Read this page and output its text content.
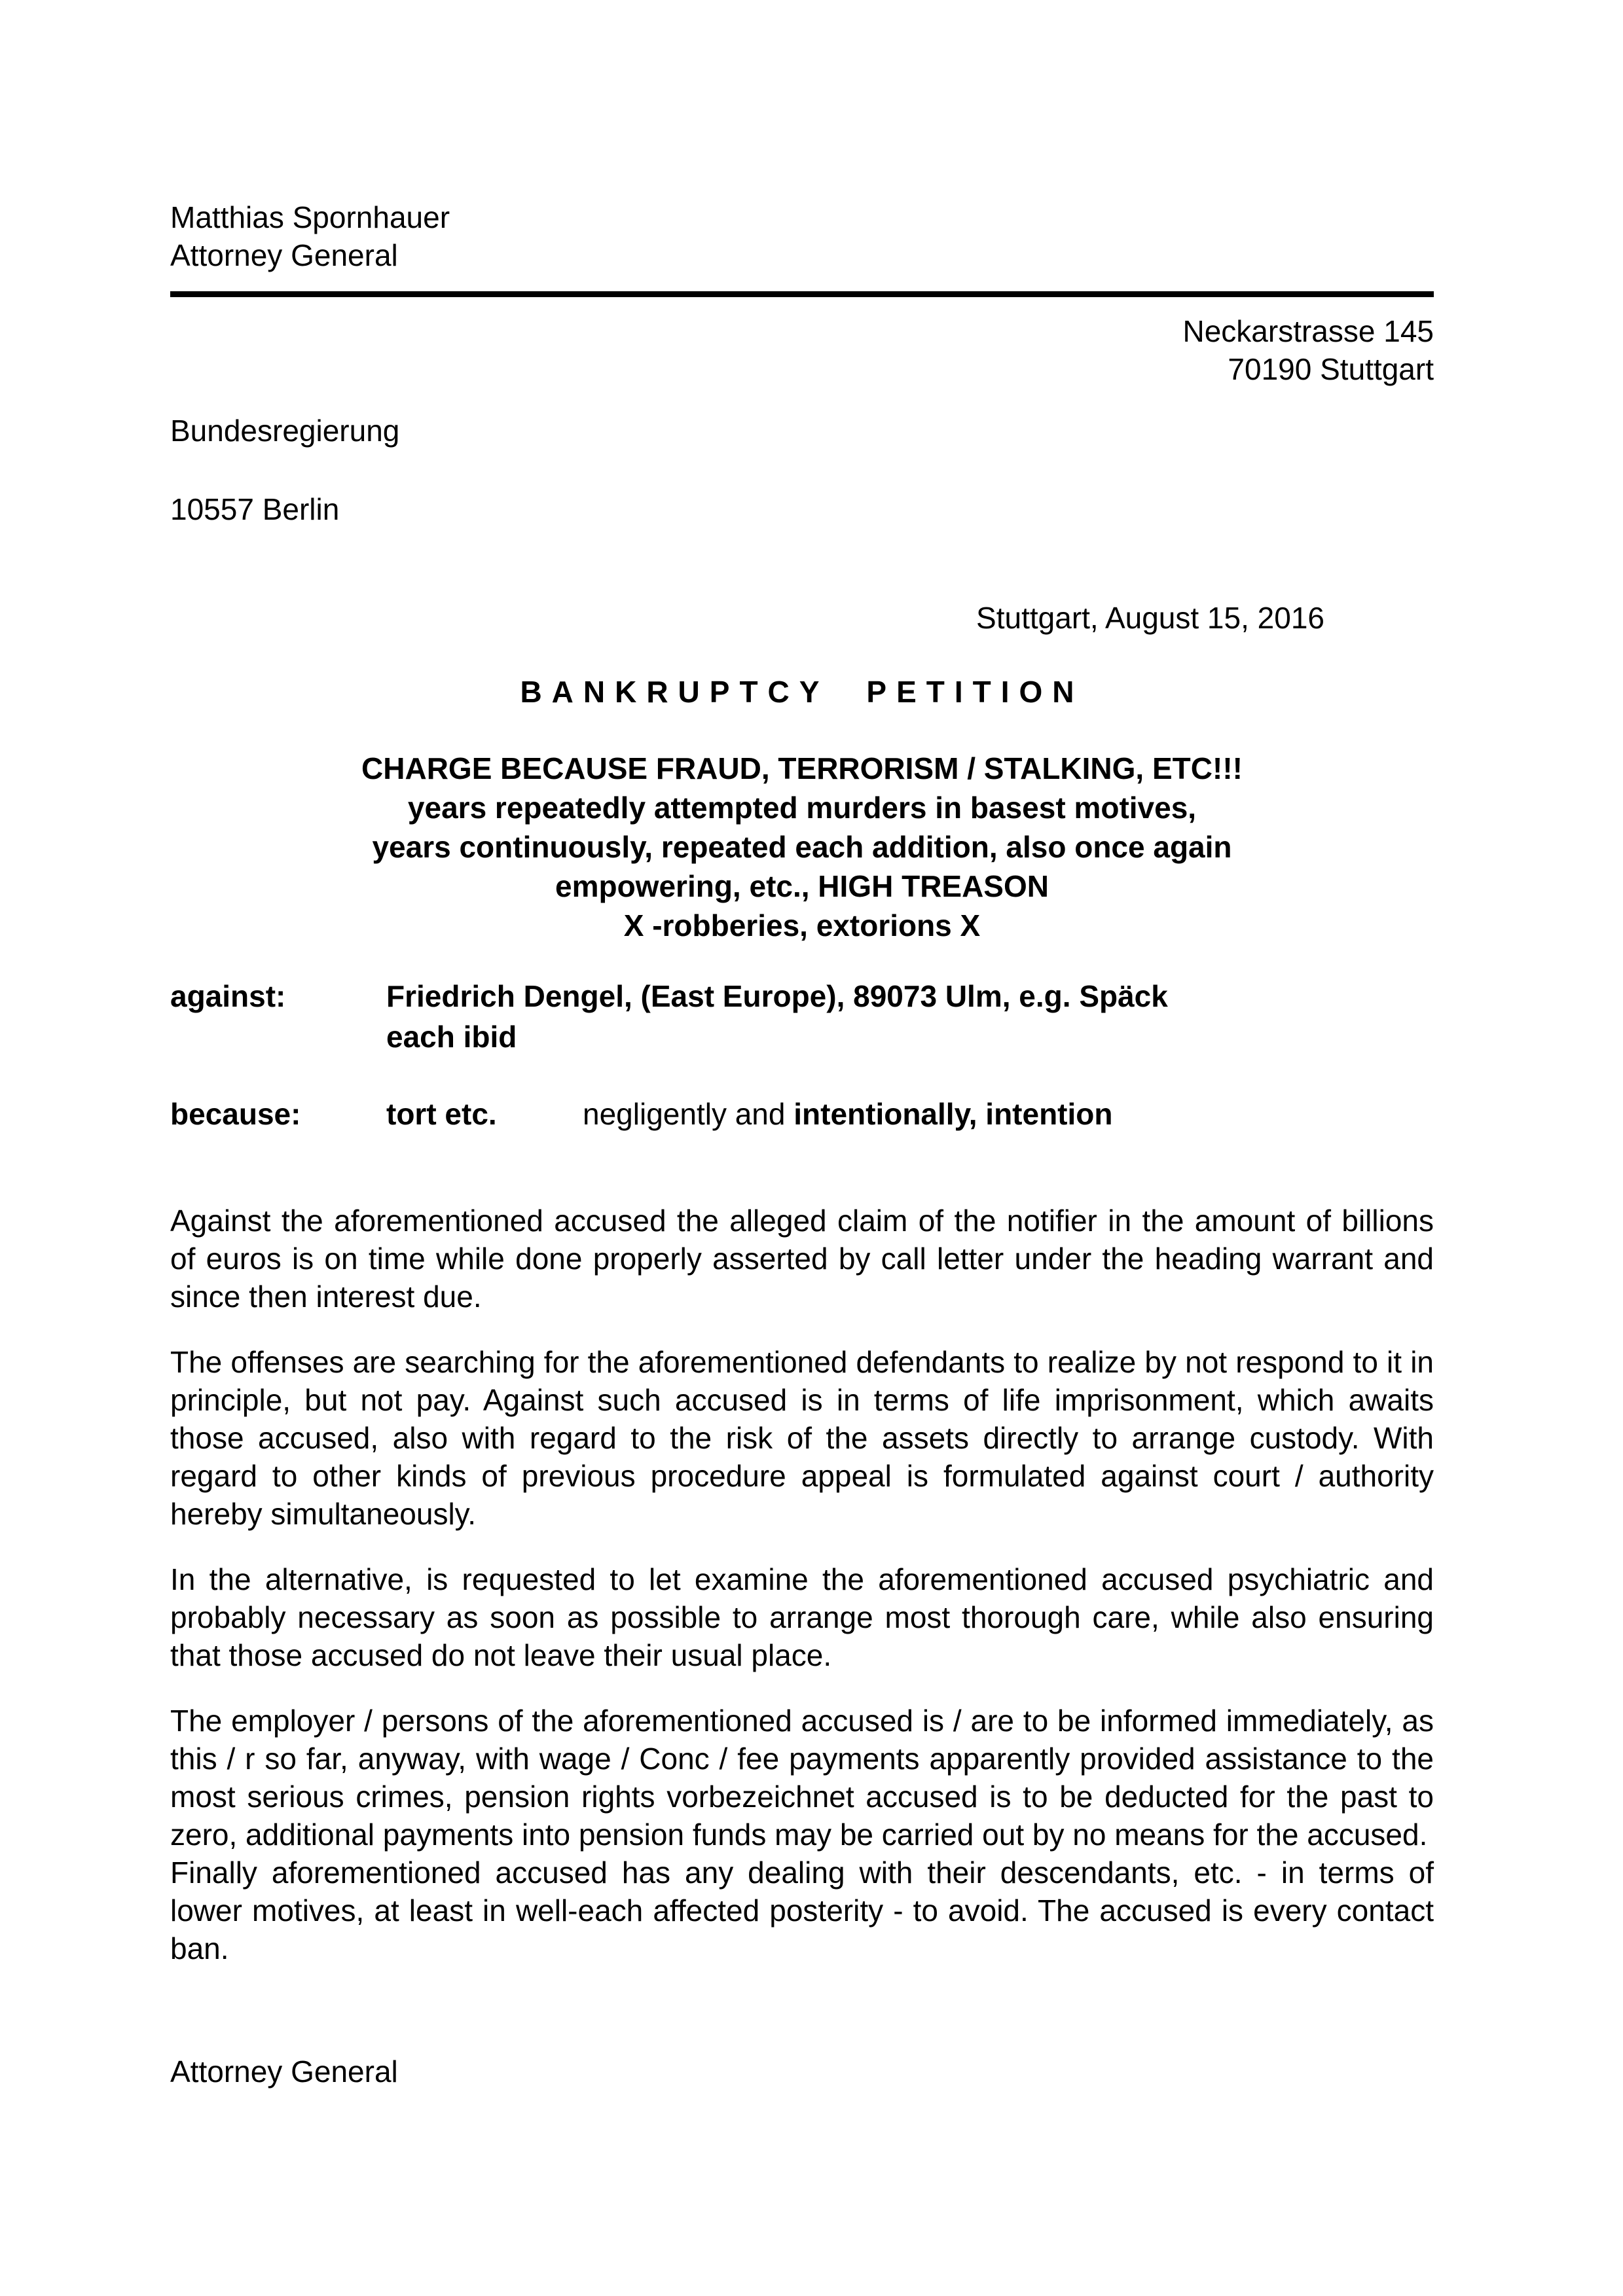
Matthias Spornhauer
Attorney General
Neckarstrasse 145
70190 Stuttgart
Bundesregierung
10557 Berlin
Stuttgart, August 15, 2016
BANKRUPTCY PETITION
CHARGE BECAUSE FRAUD, TERRORISM / STALKING, ETC!!!
years repeatedly attempted murders in basest motives,
years continuously, repeated each addition, also once again
empowering, etc., HIGH TREASON
X -robberies, extorions X
against:	Friedrich Dengel, (East Europe), 89073 Ulm, e.g. Späck
each ibid
because:	tort etc.	negligently and intentionally, intention

Against the aforementioned accused the alleged claim of the notifier in the amount of billions of euros is on time while done properly asserted by call letter under the heading warrant and since then interest due.

The offenses are searching for the aforementioned defendants to realize by not respond to it in principle, but not pay. Against such accused is in terms of life imprisonment, which awaits those accused, also with regard to the risk of the assets directly to arrange custody. With regard to other kinds of previous procedure appeal is formulated against court / authority hereby simultaneously.

In the alternative, is requested to let examine the aforementioned accused psychiatric and probably necessary as soon as possible to arrange most thorough care, while also ensuring that those accused do not leave their usual place.

The employer / persons of the aforementioned accused is / are to be informed immediately, as this / r so far, anyway, with wage / Conc / fee payments apparently provided assistance to the most serious crimes, pension rights vorbezeichnet accused is to be deducted for the past to zero, additional payments into pension funds may be carried out by no means for the accused.

Finally aforementioned accused has any dealing with their descendants, etc. - in terms of lower motives, at least in well-each affected posterity - to avoid. The accused is every contact ban.

Attorney General
